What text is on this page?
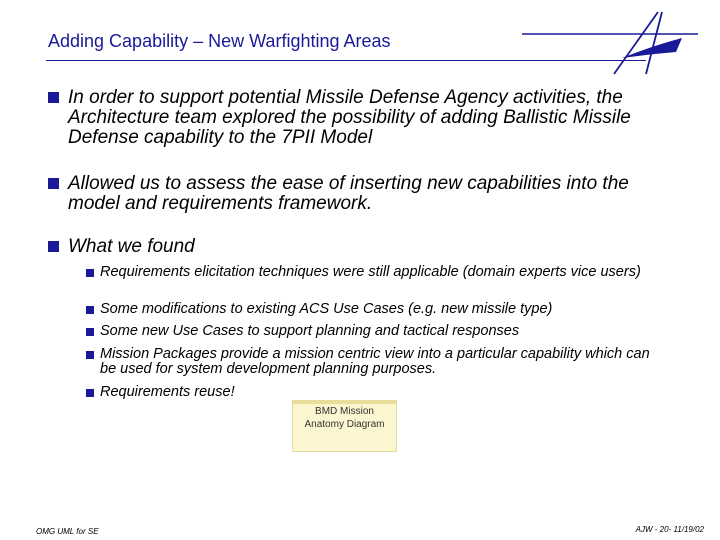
Adding Capability – New Warfighting Areas
In order to support potential Missile Defense Agency activities, the Architecture team explored the possibility of adding Ballistic Missile Defense capability to the 7PII Model
Allowed us to assess the ease of inserting new capabilities into the model and requirements framework.
What we found
Requirements elicitation techniques were still applicable (domain experts vice users)
Some modifications to existing ACS Use Cases (e.g. new missile type)
Some new Use Cases to support planning and tactical responses
Mission Packages provide a mission centric view into a particular capability which can be used for system development planning purposes.
Requirements reuse!
BMD Mission
Anatomy Diagram
OMG UML for SE	AJW - 20- 11/19/02
